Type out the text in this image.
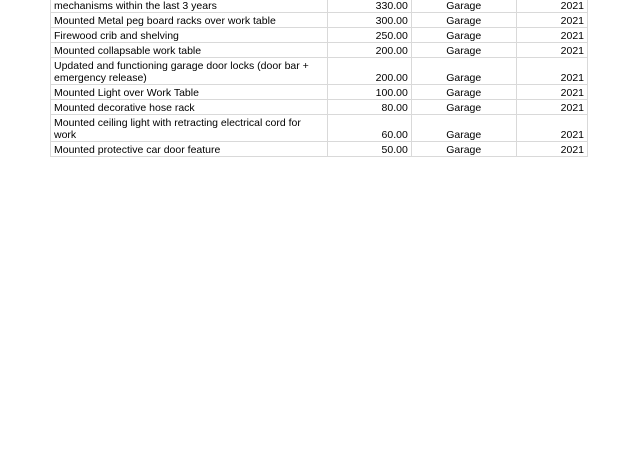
mechanisms within the last 3 years	330.00	Garage	2021
Mounted Metal peg board racks over work table	300.00	Garage	2021
Firewood crib and shelving	250.00	Garage	2021
Mounted collapsable work table	200.00	Garage	2021
Updated and functioning garage door locks (door bar + emergency release)	200.00	Garage	2021
Mounted Light over Work Table	100.00	Garage	2021
Mounted decorative hose rack	80.00	Garage	2021
Mounted ceiling light with retracting electrical cord for work	60.00	Garage	2021
Mounted protective car door feature	50.00	Garage	2021
